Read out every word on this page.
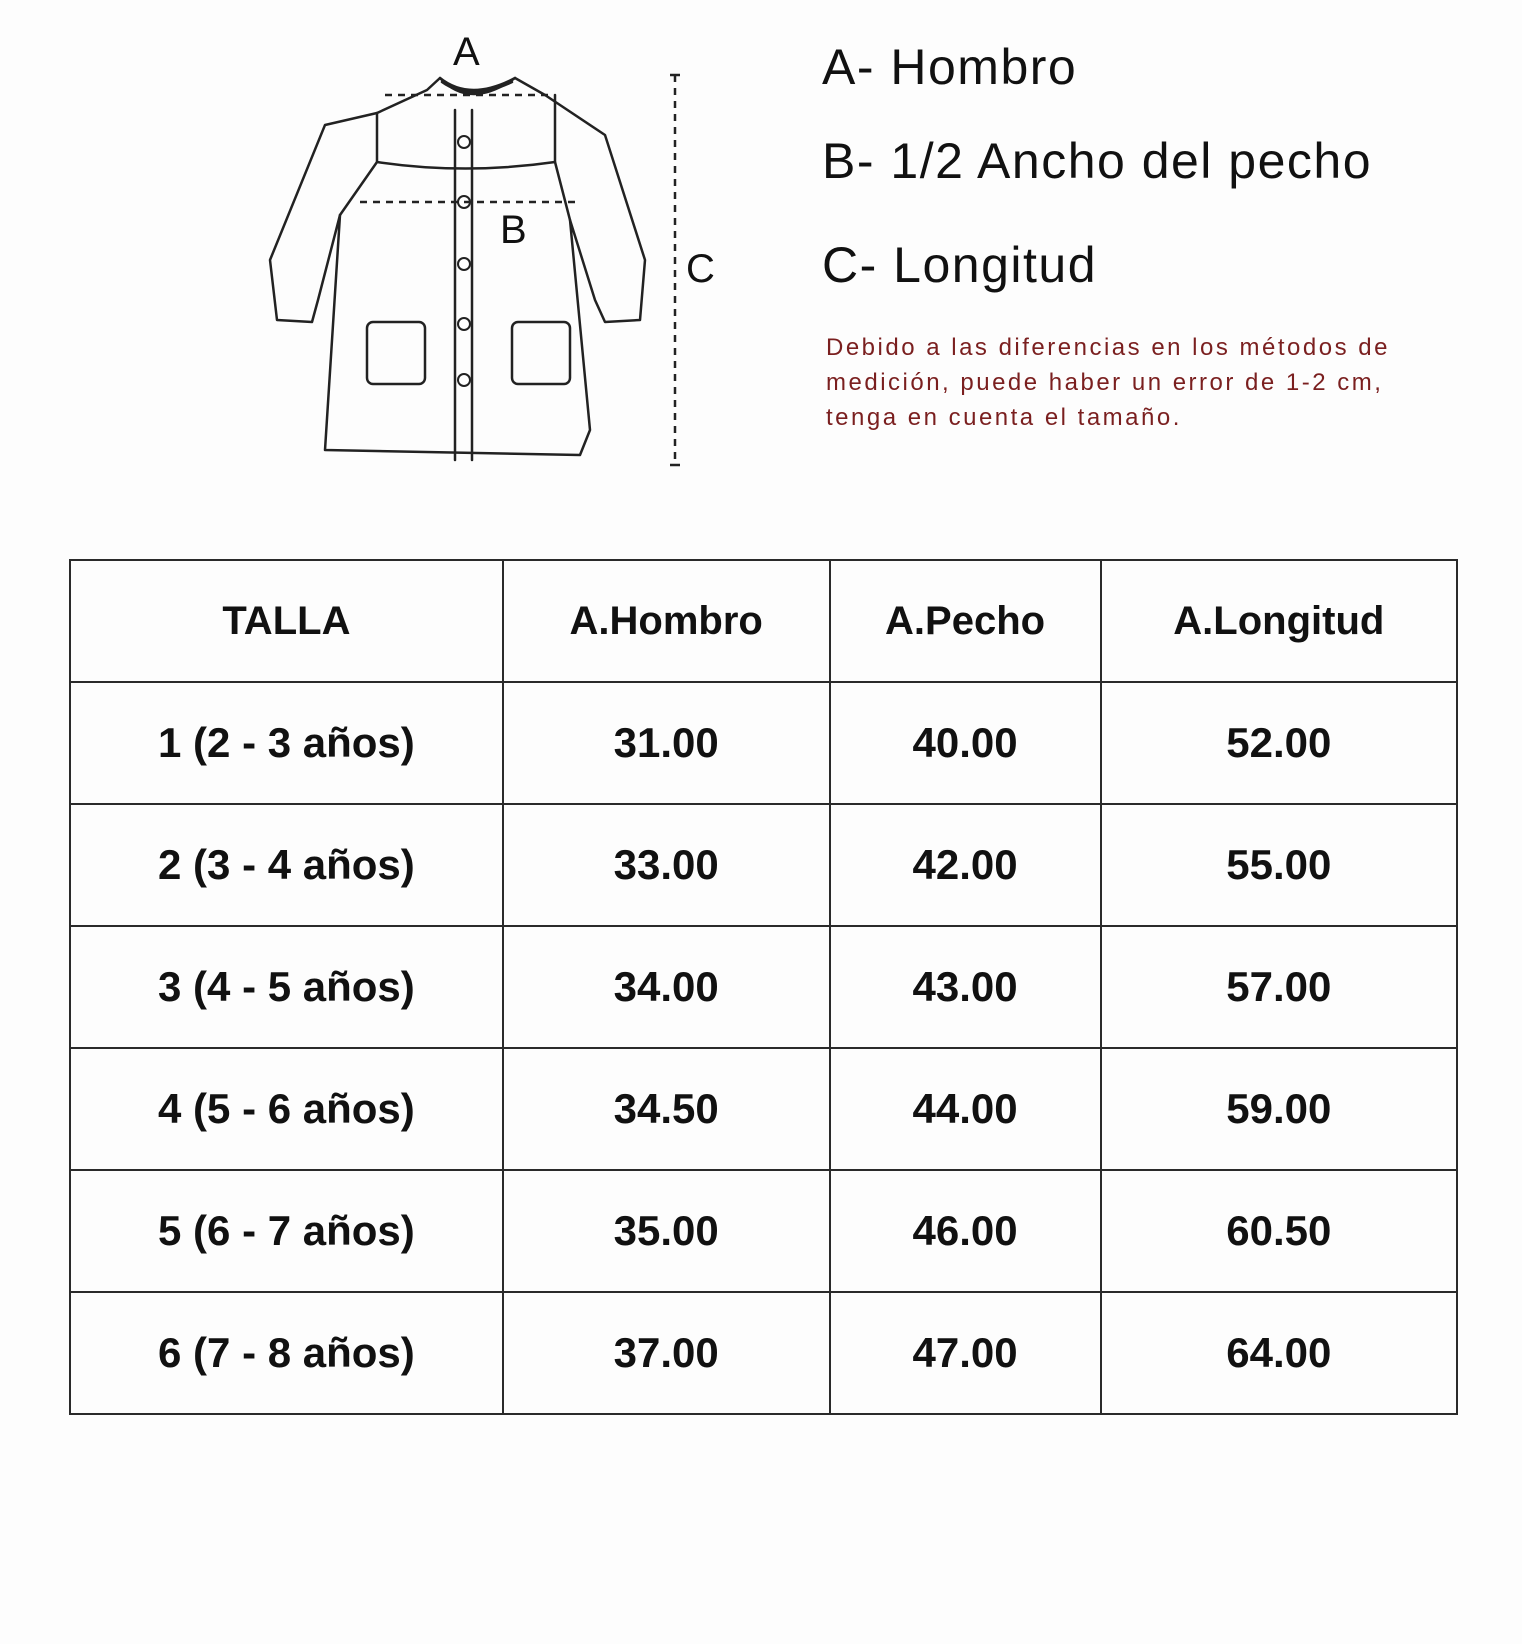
A
B
C
A- Hombro
B- 1/2 Ancho del pecho
C- Longitud
Debido a las diferencias en los métodos de medición, puede haber un error de 1-2 cm, tenga en cuenta el tamaño.
TALLA	A.Hombro	A.Pecho	A.Longitud
1 (2 - 3 años)	31.00	40.00	52.00
2 (3 - 4 años)	33.00	42.00	55.00
3 (4 - 5 años)	34.00	43.00	57.00
4 (5 - 6 años)	34.50	44.00	59.00
5 (6 - 7 años)	35.00	46.00	60.50
6 (7 - 8 años)	37.00	47.00	64.00
